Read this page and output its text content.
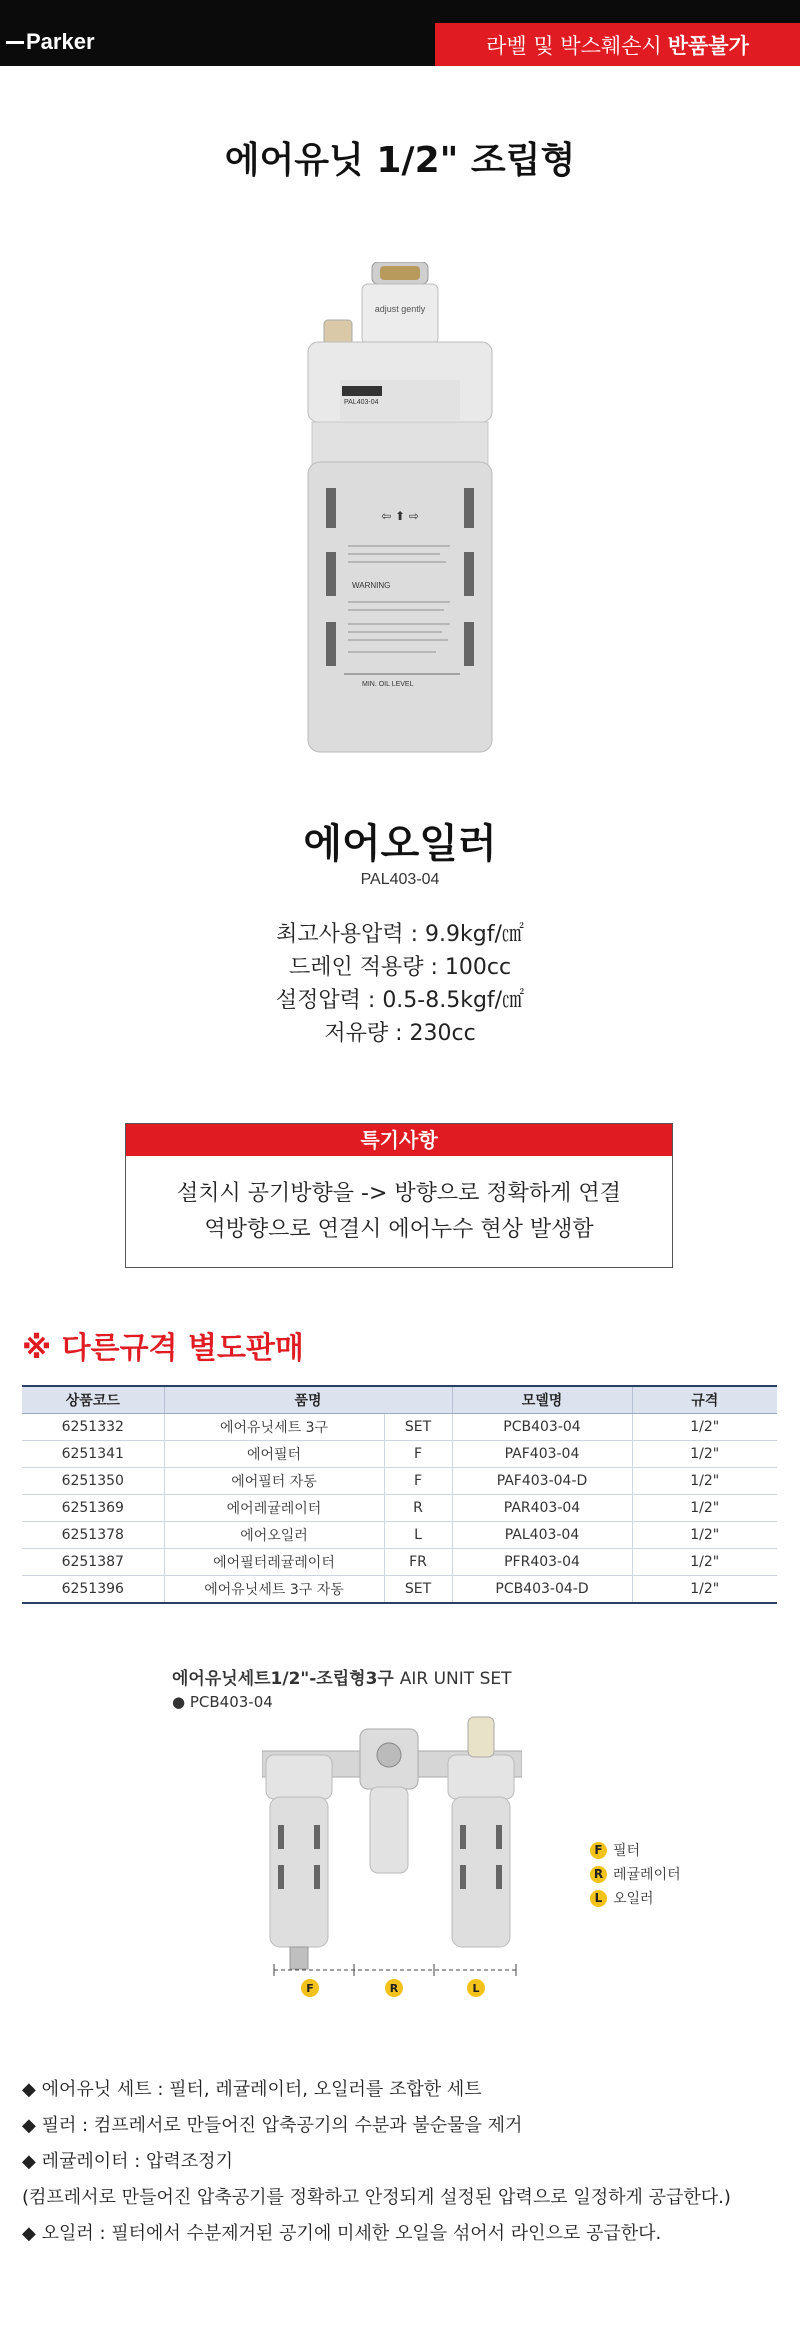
Parker	라벨 및 박스훼손시 반품불가
에어유닛 1/2" 조립형
adjust gently
PAL403-04
⇦ ⬆ ⇨
WARNING
MIN. OIL LEVEL
에어오일러
PAL403-04
최고사용압력 : 9.9kgf/㎠
드레인 적용량 : 100cc
설정압력 : 0.5-8.5kgf/㎠
저유량 : 230cc
특기사항
설치시 공기방향을 -> 방향으로 정확하게 연결
역방향으로 연결시 에어누수 현상 발생함
※ 다른규격 별도판매
상품코드	품명		모델명	규격
6251332	에어유닛세트 3구	SET	PCB403-04	1/2"
6251341	에어필터	F	PAF403-04	1/2"
6251350	에어필터 자동	F	PAF403-04-D	1/2"
6251369	에어레귤레이터	R	PAR403-04	1/2"
6251378	에어오일러	L	PAL403-04	1/2"
6251387	에어필터레귤레이터	FR	PFR403-04	1/2"
6251396	에어유닛세트 3구 자동	SET	PCB403-04-D	1/2"
에어유닛세트1/2"-조립형3구 AIR UNIT SET
● PCB403-04
F 필터
R 레귤레이터
L 오일러
F	R	L
◆ 에어유닛 세트 : 필터, 레귤레이터, 오일러를 조합한 세트
◆ 필러 : 컴프레서로 만들어진 압축공기의 수분과 불순물을 제거
◆ 레귤레이터 : 압력조정기
(컴프레서로 만들어진 압축공기를 정확하고 안정되게 설정된 압력으로 일정하게 공급한다.)
◆ 오일러 : 필터에서 수분제거된 공기에 미세한 오일을 섞어서 라인으로 공급한다.
